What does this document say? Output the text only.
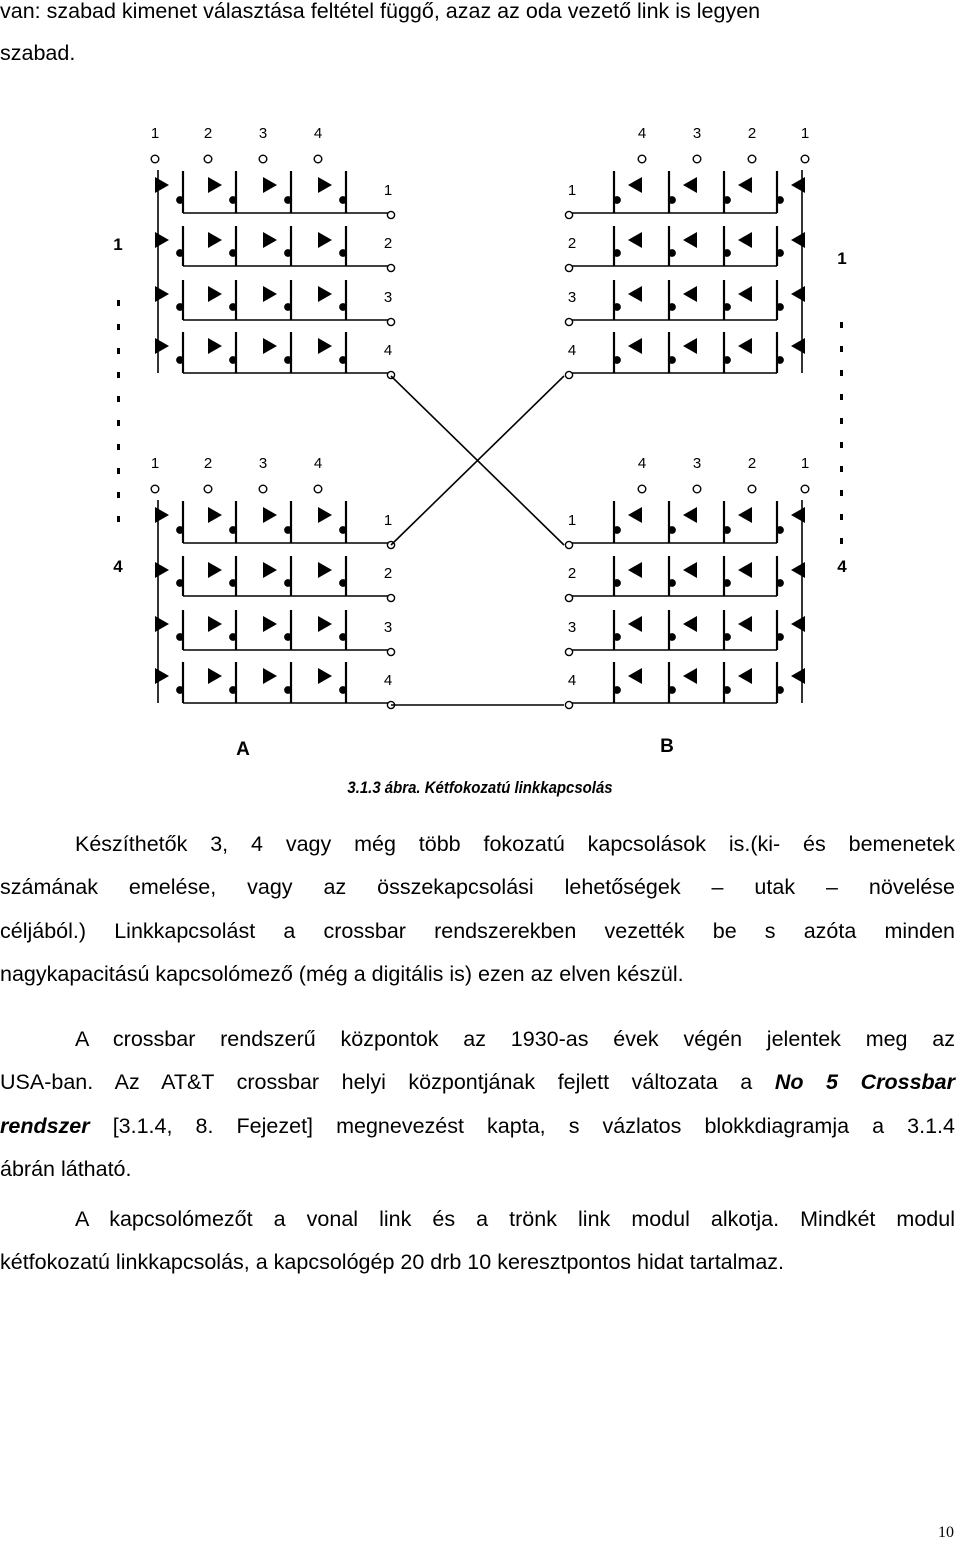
van: szabad kimenet választása feltétel függő, azaz az oda vezető link is legyen

szabad.

1	2	3	4
1
2
3
4
1	2	3	4
1
2
3
4
1
2
3
4
1
2
3
4
1
2
3
4
1
2
3
4
1
4
1
4
A	B
3.1.3 ábra. Kétfokozatú linkkapcsolás

Készíthetők 3, 4 vagy még több fokozatú kapcsolások is.(ki- és bemenetek

számának emelése, vagy az összekapcsolási lehetőségek – utak – növelése

céljából.) Linkkapcsolást a crossbar rendszerekben vezették be s azóta minden

nagykapacitású kapcsolómező (még a digitális is) ezen az elven készül.

A crossbar rendszerű központok az 1930-as évek végén jelentek meg az

USA-ban. Az AT&T crossbar helyi központjának fejlett változata a No 5 Crossbar

rendszer [3.1.4, 8. Fejezet] megnevezést kapta, s vázlatos blokkdiagramja a 3.1.4

ábrán látható.

A kapcsolómezőt a vonal link és a trönk link modul alkotja. Mindkét modul

kétfokozatú linkkapcsolás, a kapcsológép 20 drb 10 keresztpontos hidat tartalmaz.

10
